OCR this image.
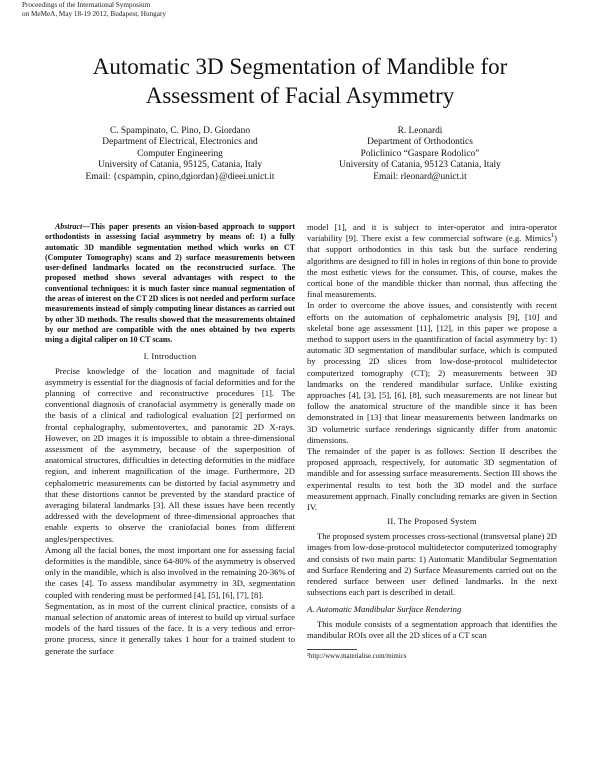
Proceedings of the International Symposium
on MeMeA, May 18-19 2012, Budapest, Hungary
Automatic 3D Segmentation of Mandible for
Assessment of Facial Asymmetry
C. Spampinato, C. Pino, D. Giordano
Department of Electrical, Electronics and
Computer Engineering
University of Catania, 95125, Catania, Italy
Email: {cspampin, cpino,dgiordan}@dieei.unict.it
R. Leonardi
Department of Orthodontics
Policlinico “Gaspare Rodolico”
University of Catania, 95123 Catania, Italy
Email: rleonard@unict.it

Abstract—This paper presents an vision-based approach to support orthodontists in assessing facial asymmetry by means of: 1) a fully automatic 3D mandible segmentation method which works on CT (Computer Tomography) scans and 2) surface measurements between user-defined landmarks located on the reconstructed surface. The proposed method shows several advantages with respect to the conventional techniques: it is much faster since manual segmentation of the areas of interest on the CT 2D slices is not needed and perform surface measurements instead of simply computing linear distances as carried out by other 3D methods. The results showed that the measurements obtained by our method are compatible with the ones obtained by two experts using a digital caliper on 10 CT scans.

I. Introduction

Precise knowledge of the location and magnitude of facial asymmetry is essential for the diagnosis of facial deformities and for the planning of corrective and reconstructive procedures [1]. The conventional diagnosis of cranofacial asymmetry is generally made on the basis of a clinical and radiological evaluation [2] performed on frontal cephalography, submentovertex, and panoramic 2D X-rays. However, on 2D images it is impossible to obtain a three-dimensional assessment of the asymmetry, because of the superposition of anatomical structures, difficulties in detecting deformities in the midface region, and inherent magnification of the image. Furthermore, 2D cephalometric measurements can be distorted by facial asymmetry and that these distortions cannot be prevented by the standard practice of averaging bilateral landmarks [3]. All these issues have been recently addressed with the development of three-dimensional approaches that enable experts to observe the craniofacial bones from different angles/perspectives.

Among all the facial bones, the most important one for assessing facial deformities is the mandible, since 64-80% of the asymmetry is observed only in the mandible, which is also involved in the remaining 20-36% of the cases [4]. To assess mandibular asymmetry in 3D, segmentation coupled with rendering must be performed [4], [5], [6], [7], [8].

Segmentation, as in most of the current clinical practice, consists of a manual selection of anatomic areas of interest to build up virtual surface models of the hard tissues of the face. It is a very tedious and error-prone process, since it generally takes 1 hour for a trained student to generate the surface

model [1], and it is subject to inter-operator and intra-operator variability [9]. There exist a few commercial software (e.g. Mimics$^1$) that support orthodontics in this task but the surface rendering algorithms are designed to fill in holes in regions of thin bone to provide the most esthetic views for the consumer. This, of course, makes the cortical bone of the mandible thicker than normal, thus affecting the final measurements.

In order to overcome the above issues, and consistently with recent efforts on the automation of cephalometric analysis [9], [10] and skeletal bone age assessment [11], [12], in this paper we propose a method to support users in the quantification of facial asymmetry by: 1) automatic 3D segmentation of mandibular surface, which is computed by processing 2D slices from low-dose-protocol multidetector computerized tomography (CT); 2) measurements between 3D landmarks on the rendered mandibular surface. Unlike existing approaches [4], [3], [5], [6], [8], such measurements are not linear but follow the anatomical structure of the mandible since it has been demonstrated in [13] that linear measurements between landmarks on 3D volumetric surface renderings signicantly differ from anatomic dimensions.

The remainder of the paper is as follows: Section II describes the proposed approach, respectively, for automatic 3D segmentation of mandible and for assessing surface measurements. Section III shows the experimental results to test both the 3D model and the surface measurement approach. Finally concluding remarks are given in Section IV.

II. The Proposed System

The proposed system processes cross-sectional (transversal plane) 2D images from low-dose-protocol multidetector computerized tomography and consists of two main parts: 1) Automatic Mandibular Segmentation and Surface Rendering and 2) Surface Measurements carried out on the rendered surface between user defined landmarks. In the next subsections each part is described in detail.

A. Automatic Mandibular Surface Rendering

This module consists of a segmentation approach that identifies the mandibular ROIs over all the 2D slices of a CT scan

¹http://www.materialise.com/mimics
